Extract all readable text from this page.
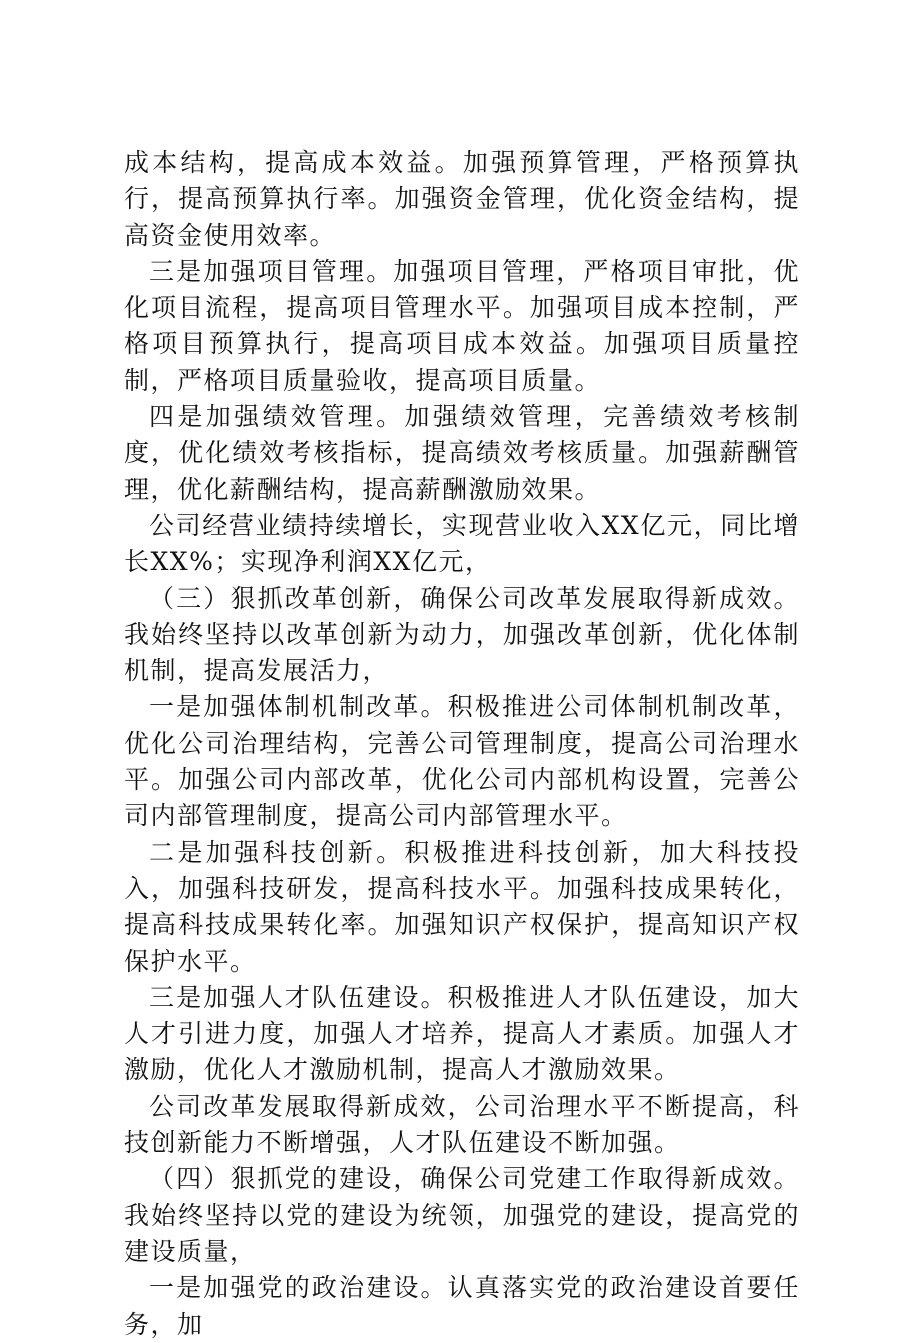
成本结构，提高成本效益。加强预算管理，严格预算执行，提高预算执行率。加强资金管理，优化资金结构，提高资金使用效率。

三是加强项目管理。加强项目管理，严格项目审批，优化项目流程，提高项目管理水平。加强项目成本控制，严格项目预算执行，提高项目成本效益。加强项目质量控制，严格项目质量验收，提高项目质量。

四是加强绩效管理。加强绩效管理，完善绩效考核制度，优化绩效考核指标，提高绩效考核质量。加强薪酬管理，优化薪酬结构，提高薪酬激励效果。

公司经营业绩持续增长，实现营业收入XX亿元，同比增长XX%；实现净利润XX亿元，

（三）狠抓改革创新，确保公司改革发展取得新成效。我始终坚持以改革创新为动力，加强改革创新，优化体制机制，提高发展活力，

一是加强体制机制改革。积极推进公司体制机制改革，优化公司治理结构，完善公司管理制度，提高公司治理水平。加强公司内部改革，优化公司内部机构设置，完善公司内部管理制度，提高公司内部管理水平。

二是加强科技创新。积极推进科技创新，加大科技投入，加强科技研发，提高科技水平。加强科技成果转化，提高科技成果转化率。加强知识产权保护，提高知识产权保护水平。

三是加强人才队伍建设。积极推进人才队伍建设，加大人才引进力度，加强人才培养，提高人才素质。加强人才激励，优化人才激励机制，提高人才激励效果。

公司改革发展取得新成效，公司治理水平不断提高，科技创新能力不断增强，人才队伍建设不断加强。

（四）狠抓党的建设，确保公司党建工作取得新成效。我始终坚持以党的建设为统领，加强党的建设，提高党的建设质量，

一是加强党的政治建设。认真落实党的政治建设首要任务，加
